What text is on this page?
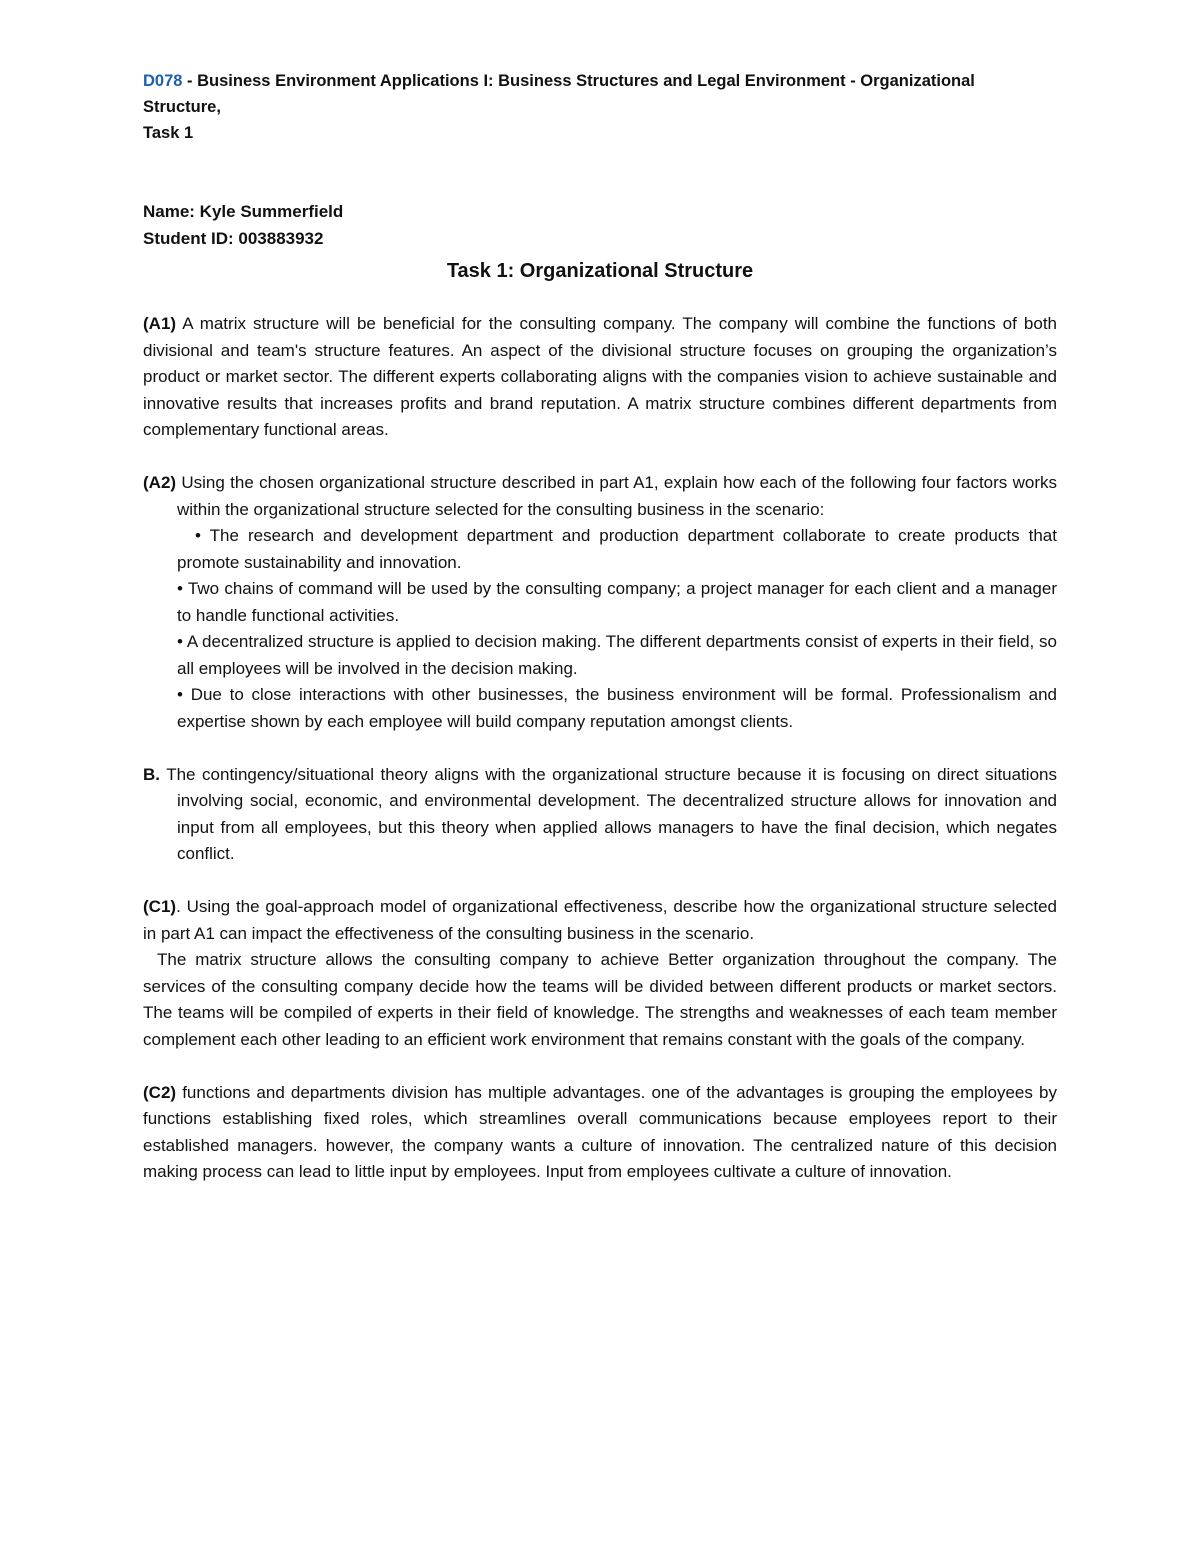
D078 - Business Environment Applications I: Business Structures and Legal Environment - Organizational Structure,

Task 1

Name: Kyle Summerfield
Student ID: 003883932
Task 1: Organizational Structure

(A1) A matrix structure will be beneficial for the consulting company. The company will combine the functions of both divisional and team's structure features. An aspect of the divisional structure focuses on grouping the organization’s product or market sector. The different experts collaborating aligns with the companies vision to achieve sustainable and innovative results that increases profits and brand reputation. A matrix structure combines different departments from complementary functional areas.

(A2) Using the chosen organizational structure described in part A1, explain how each of the following four factors works within the organizational structure selected for the consulting business in the scenario:

• The research and development department and production department collaborate to create products that promote sustainability and innovation.

• Two chains of command will be used by the consulting company; a project manager for each client and a manager to handle functional activities.

• A decentralized structure is applied to decision making. The different departments consist of experts in their field, so all employees will be involved in the decision making.

• Due to close interactions with other businesses, the business environment will be formal. Professionalism and expertise shown by each employee will build company reputation amongst clients.

B. The contingency/situational theory aligns with the organizational structure because it is focusing on direct situations involving social, economic, and environmental development. The decentralized structure allows for innovation and input from all employees, but this theory when applied allows managers to have the final decision, which negates conflict.

(C1). Using the goal-approach model of organizational effectiveness, describe how the organizational structure selected in part A1 can impact the effectiveness of the consulting business in the scenario.

The matrix structure allows the consulting company to achieve Better organization throughout the company. The services of the consulting company decide how the teams will be divided between different products or market sectors. The teams will be compiled of experts in their field of knowledge. The strengths and weaknesses of each team member complement each other leading to an efficient work environment that remains constant with the goals of the company.

(C2) functions and departments division has multiple advantages. one of the advantages is grouping the employees by functions establishing fixed roles, which streamlines overall communications because employees report to their established managers. however, the company wants a culture of innovation. The centralized nature of this decision making process can lead to little input by employees. Input from employees cultivate a culture of innovation.
